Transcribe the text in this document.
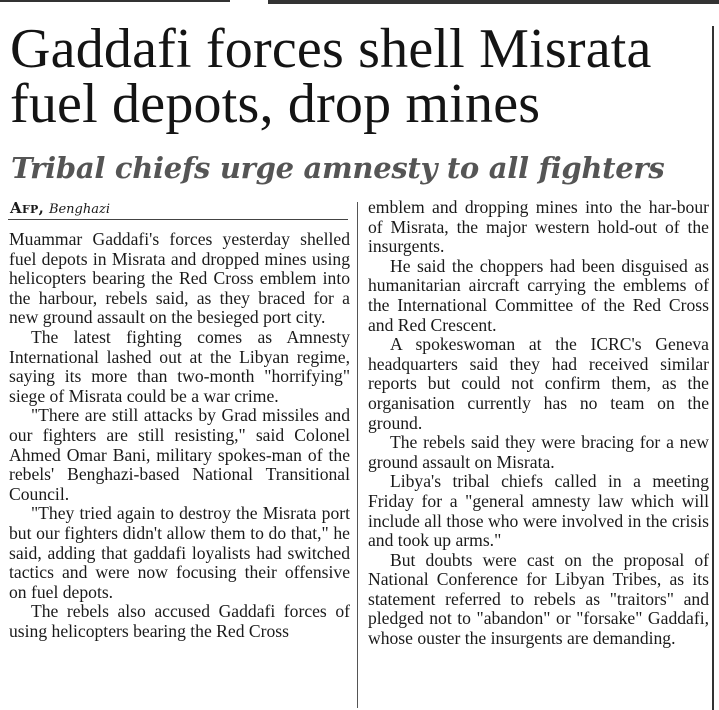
Gaddafi forces shell Misrata fuel depots, drop mines
Tribal chiefs urge amnesty to all fighters
Afp, Benghazi

Muammar Gaddafi's forces yesterday shelled fuel depots in Misrata and dropped mines using helicopters bearing the Red Cross emblem into the harbour, rebels said, as they braced for a new ground assault on the besieged port city.

The latest fighting comes as Amnesty International lashed out at the Libyan regime, saying its more than two-month "horrifying" siege of Misrata could be a war crime.

"There are still attacks by Grad missiles and our fighters are still resisting," said Colonel Ahmed Omar Bani, military spokes-man of the rebels' Benghazi-based National Transitional Council.

"They tried again to destroy the Misrata port but our fighters didn't allow them to do that," he said, adding that gaddafi loyalists had switched tactics and were now focusing their offensive on fuel depots.

The rebels also accused Gaddafi forces of using helicopters bearing the Red Cross

emblem and dropping mines into the har-bour of Misrata, the major western hold-out of the insurgents.

He said the choppers had been disguised as humanitarian aircraft carrying the emblems of the International Committee of the Red Cross and Red Crescent.

A spokeswoman at the ICRC's Geneva headquarters said they had received similar reports but could not confirm them, as the organisation currently has no team on the ground.

The rebels said they were bracing for a new ground assault on Misrata.

Libya's tribal chiefs called in a meeting Friday for a "general amnesty law which will include all those who were involved in the crisis and took up arms."

But doubts were cast on the proposal of National Conference for Libyan Tribes, as its statement referred to rebels as "traitors" and pledged not to "abandon" or "forsake" Gaddafi, whose ouster the insurgents are demanding.
